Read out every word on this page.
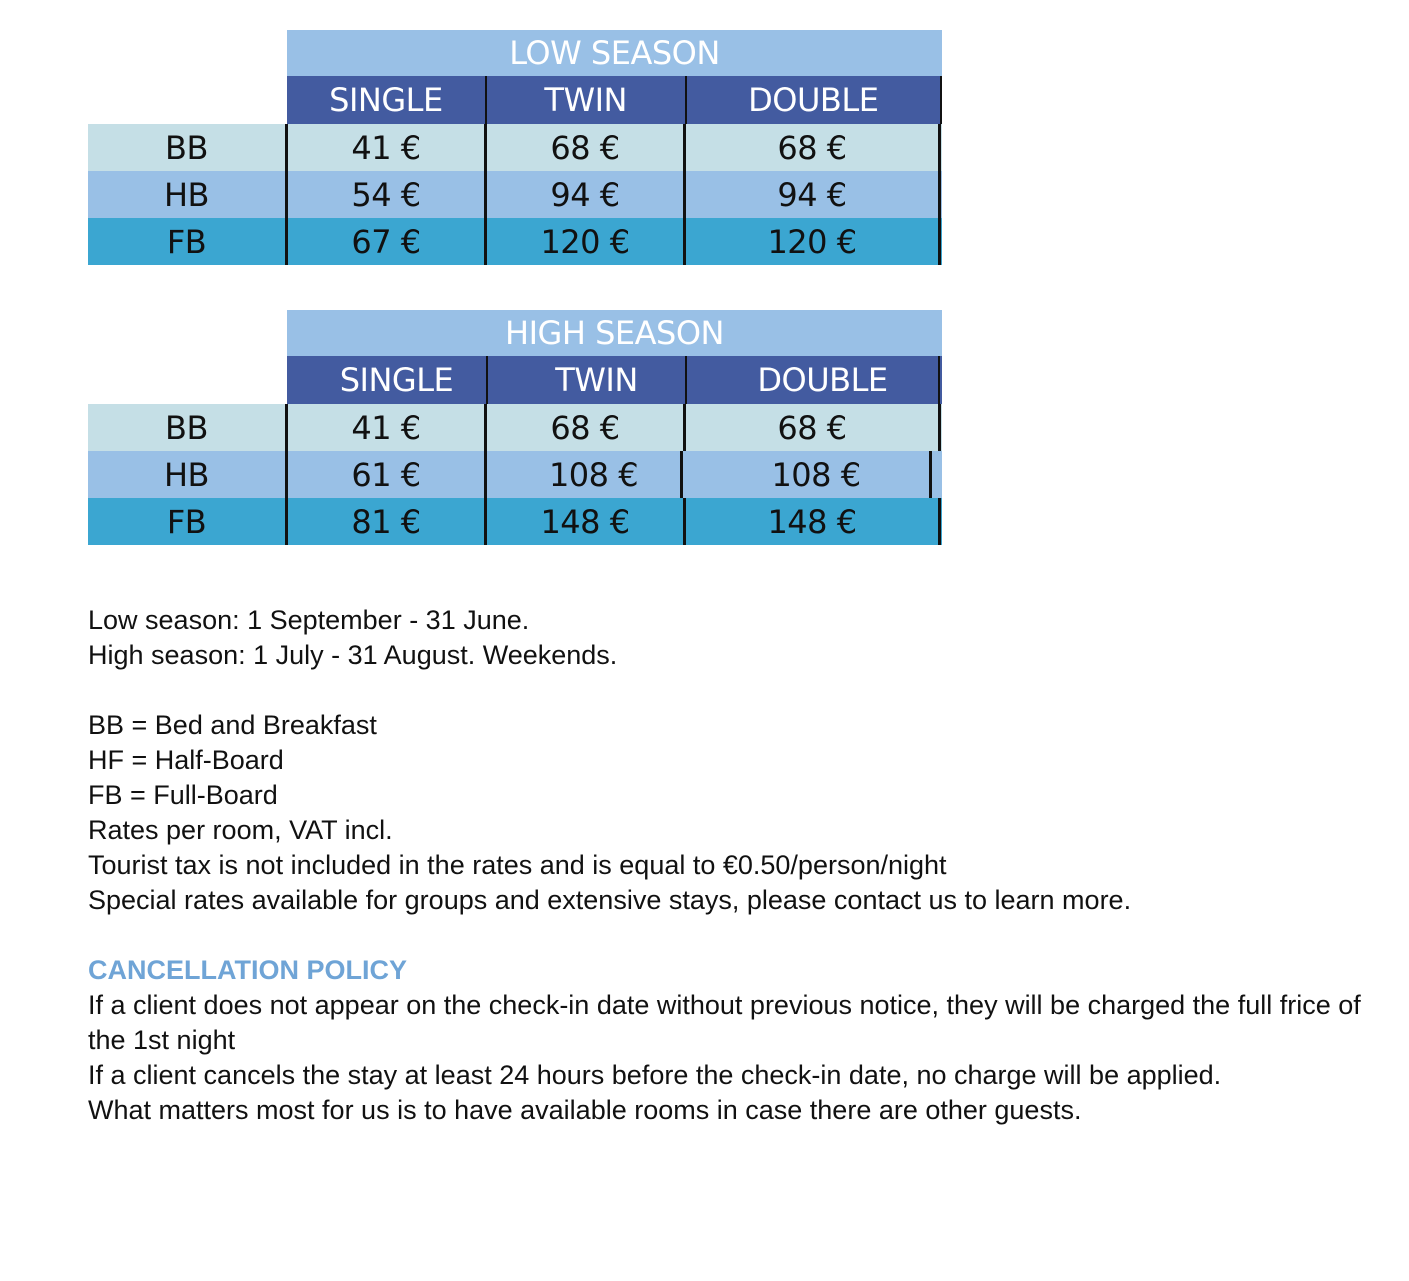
LOW SEASON
SINGLE	TWIN	DOUBLE
BB	41 €	68 €	68 €
HB	54 €	94 €	94 €
FB	67 €	120 €	120 €
HIGH SEASON
SINGLE	TWIN	DOUBLE
BB	41 €	68 €	68 €
HB	61 €	108 €	108 €
FB	81 €	148 €	148 €
Low season: 1 September - 31 June.
High season: 1 July - 31 August. Weekends.
BB = Bed and Breakfast
HF = Half-Board
FB = Full-Board
Rates per room, VAT incl.
Tourist tax is not included in the rates and is equal to €0.50/person/night
Special rates available for groups and extensive stays, please contact us to learn more.
CANCELLATION POLICY
If a client does not appear on the check-in date without previous notice, they will be charged the full frice of the 1st night
If a client cancels the stay at least 24 hours before the check-in date, no charge will be applied.
What matters most for us is to have available rooms in case there are other guests.
